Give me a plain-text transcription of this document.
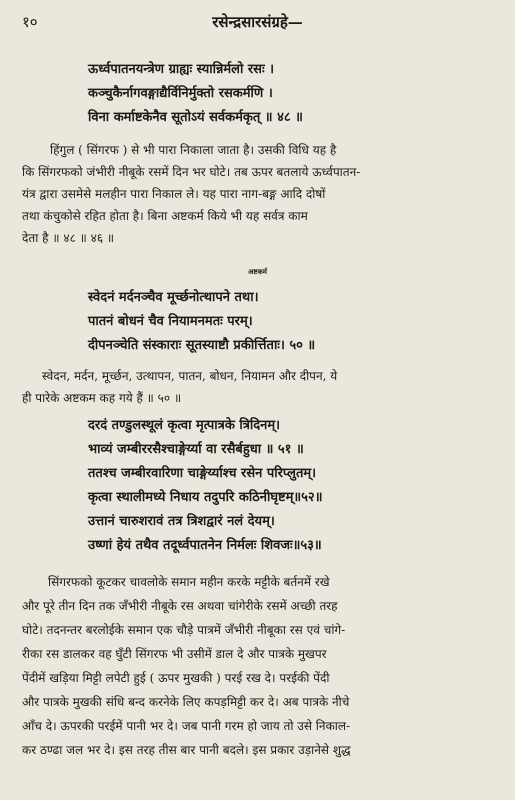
१०	रसेन्द्रसारसंग्रहे—
ऊर्ध्वपातनयन्त्रेण ग्राह्यः स्यान्निर्मलो रसः ।
कञ्चुकैर्नागवङ्गाद्यैर्विनिर्मुक्तो रसकर्मणि ।
विना कर्माष्टकेनैव सूतोऽयं सर्वकर्मकृत् ॥ ४८ ॥
हिंगुल ( सिंगरफ ) से भी पारा निकाला जाता है। उसकी विधि यह है
कि सिंगरफको जंभीरी नीबूके रसमें दिन भर घोटे। तब ऊपर बतलाये ऊर्ध्वपातन-
यंत्र द्वारा उसमेसे मलहीन पारा निकाल ले। यह पारा नाग-बङ्ग आदि दोषों
तथा कंचुकोसे रहित होता है। बिना अष्टकर्म किये भी यह सर्वत्र काम
देता है ॥ ४८ ॥ ४६ ॥
अष्टकर्म
स्वेदनं मर्दनञ्चैव मूर्च्छनोत्थापने तथा।
पातनं बोधनं चैव नियामनमतः परम्।
दीपनञ्चेति संस्काराः सूतस्याष्टौ प्रकीर्त्तिताः। ५० ॥
स्वेदन, मर्दन, मूर्च्छन, उत्थापन, पातन, बोधन, नियामन और दीपन, ये
ही पारेके अष्टकम कह गये हैं ॥ ५० ॥
दरदं तण्डुलस्थूलं कृत्वा मृत्पात्रके त्रिदिनम्।
भाव्यं जम्बीररसैश्चाङ्गेर्य्या वा रसैर्बहुधा ॥ ५१ ॥
ततश्च जम्बीरवारिणा चाङ्गेर्य्याश्च रसेन परिप्लुतम्।
कृत्वा स्थालीमध्ये निधाय तदुपरि कठिनीघृष्टम्॥५२॥
उत्तानं चारुशरावं तत्र त्रिशद्वारं नलं देयम्।
उष्णां हेयं तथैव तदूर्ध्वपातनेन निर्मलः शिवजः॥५३॥
सिंगरफको कूटकर चावलोके समान महीन करके मट्टीके बर्तनमें रखे
और पूरे तीन दिन तक जँभीरी नीबूके रस अथवा चांगेरीके रसमें अच्छी तरह
घोटे। तदनन्तर बरलोईके समान एक चौड़े पात्रमें जँभीरी नीबूका रस एवं चांगे-
रीका रस डालकर वह घुँटी सिंगरफ भी उसीमें डाल दे और पात्रके मुखपर
पेंदीमें खड़िया मिट्टी लपेटी हुई ( ऊपर मुखकी ) परई रख दे। परईकी पेंदी
और पात्रके मुखकी संधि बन्द करनेके लिए कपड़मिट्टी कर दे। अब पात्रके नीचे
आँच दे। ऊपरकी परईमें पानी भर दे। जब पानी गरम हो जाय तो उसे निकाल-
कर ठण्ढा जल भर दे। इस तरह तीस बार पानी बदले। इस प्रकार उड़ानेसे शुद्ध
